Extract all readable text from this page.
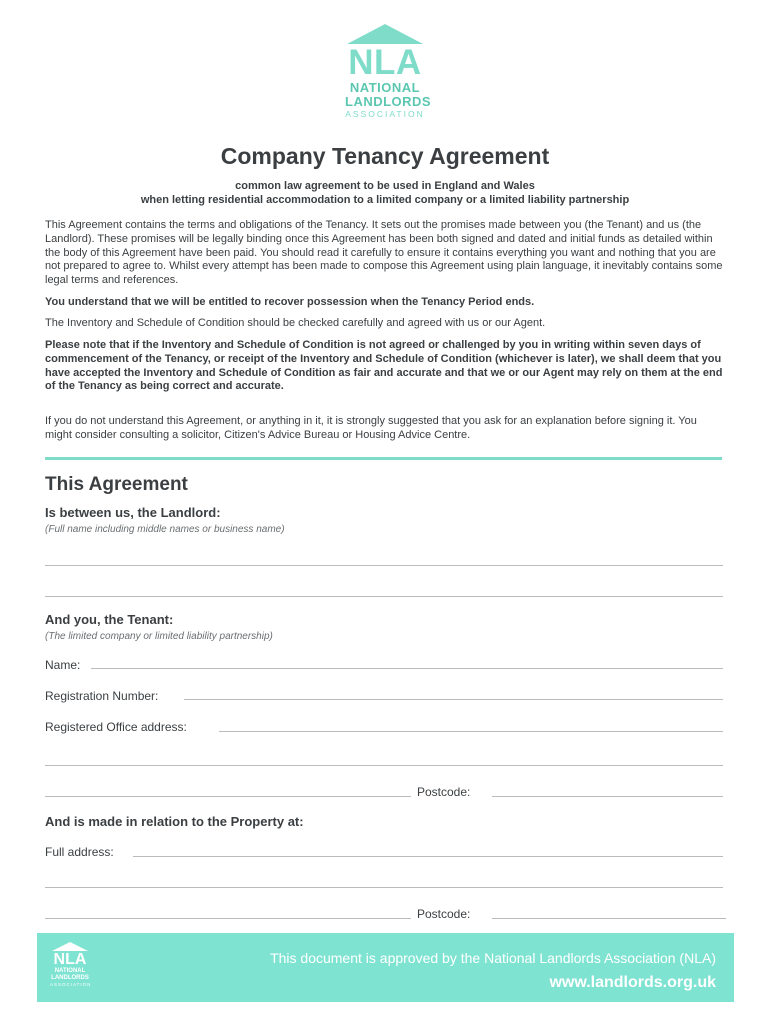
NLA
NATIONAL
LANDLORDS
ASSOCIATION
Company Tenancy Agreement
common law agreement to be used in England and Wales
when letting residential accommodation to a limited company or a limited liability partnership
This Agreement contains the terms and obligations of the Tenancy. It sets out the promises made between you (the Tenant) and us (the Landlord). These promises will be legally binding once this Agreement has been both signed and dated and initial funds as detailed within the body of this Agreement have been paid. You should read it carefully to ensure it contains everything you want and nothing that you are not prepared to agree to. Whilst every attempt has been made to compose this Agreement using plain language, it inevitably contains some legal terms and references.
You understand that we will be entitled to recover possession when the Tenancy Period ends.
The Inventory and Schedule of Condition should be checked carefully and agreed with us or our Agent.
Please note that if the Inventory and Schedule of Condition is not agreed or challenged by you in writing within seven days of commencement of the Tenancy, or receipt of the Inventory and Schedule of Condition (whichever is later), we shall deem that you have accepted the Inventory and Schedule of Condition as fair and accurate and that we or our Agent may rely on them at the end of the Tenancy as being correct and accurate.
If you do not understand this Agreement, or anything in it, it is strongly suggested that you ask for an explanation before signing it. You might consider consulting a solicitor, Citizen's Advice Bureau or Housing Advice Centre.
This Agreement
Is between us, the Landlord:
(Full name including middle names or business name)
And you, the Tenant:
(The limited company or limited liability partnership)
Name:
Registration Number:
Registered Office address:
Postcode:
And is made in relation to the Property at:
Full address:
Postcode:
NLA
NATIONAL
LANDLORDS
ASSOCIATION
This document is approved by the National Landlords Association (NLA)
www.landlords.org.uk
